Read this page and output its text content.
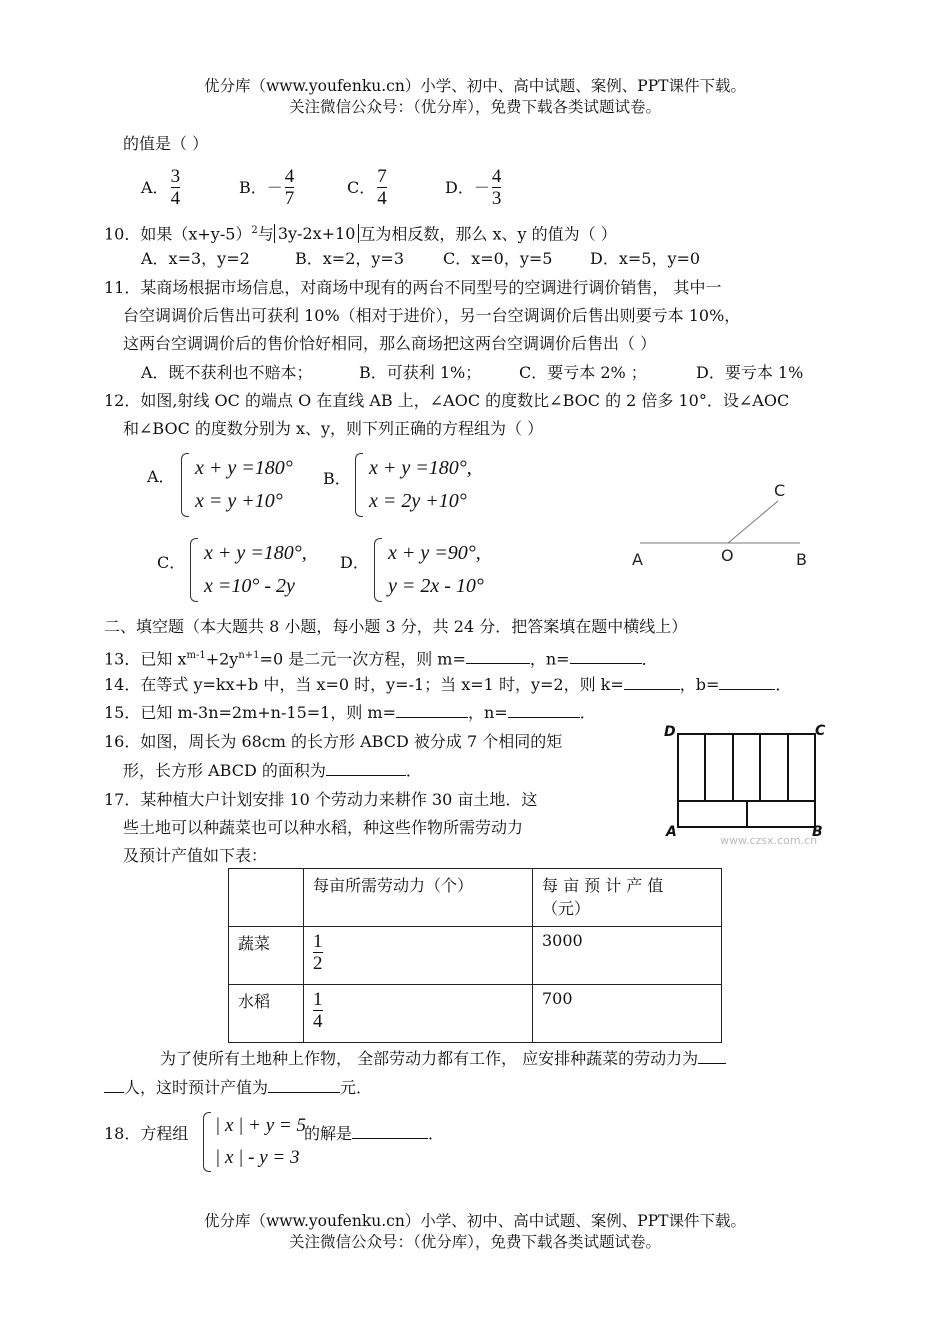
优分库（www.youfenku.cn）小学、初中、高中试题、案例、PPT课件下载。
关注微信公众号：（优分库），免费下载各类试题试卷。
的值是（ ）
A． $\frac{3}{4}$	B． － $\frac{4}{7}$	C． $\frac{7}{4}$	D． － $\frac{4}{3}$
10．如果$(x+y-5)^2$与 3y-2x+10 互为相反数，那么 x、y 的值为（ ）
A．x=3，y=2	B．x=2，y=3 C．x=0，y=5 D．x=5，y=0
11．某商场根据市场信息，对商场中现有的两台不同型号的空调进行调价销售， 其中一
台空调调价后售出可获利 10%（相对于进价），另一台空调调价后售出则要亏本 10%，
这两台空调调价后的售价恰好相同，那么商场把这两台空调调价后售出（ ）
A．既不获利也不赔本；	B．可获利 1%； C．要亏本 2% ；	D．要亏本 1%
12．如图,射线 OC 的端点 O 在直线 AB 上，∠AOC 的度数比∠BOC 的 2 倍多 10°．设∠AOC
和∠BOC 的度数分别为 x、y，则下列正确的方程组为（ ）
A． x + y =180°
x = y +10°
B． x + y =180°,
x = 2y +10°
C． x + y =180°,
x =10° - 2y
D． x + y =90°,
y = 2x - 10°
C
A	O	B
二、填空题（本大题共 8 小题，每小题 3 分，共 24 分．把答案填在题中横线上）
13．已知 $x^{m-1}+2y^{n+1}=0$ 是二元一次方程，则 m=	，n=	．
14．在等式 y=kx+b 中，当 x=0 时，y=-1；当 x=1 时，y=2，则 k=	，b=	．
15．已知 m-3n=2m+n-15=1，则 m=	，n=	．
16．如图，周长为 68cm 的长方形 ABCD 被分成 7 个相同的矩
形，长方形 ABCD 的面积为	．
D	C
A	B
www.czsx.com.cn
17．某种植大户计划安排 10 个劳动力来耕作 30 亩土地．这
些土地可以种蔬菜也可以种水稻，种这些作物所需劳动力
及预计产值如下表：
	每亩所需劳动力（个）	每 亩 预 计 产 值
（元）

蔬菜	$\frac{1}{2}$	3000
水稻	$\frac{1}{4}$	700
为了使所有土地种上作物， 全部劳动力都有工作， 应安排种蔬菜的劳动力为
人，这时预计产值为	元．
18．方程组 | x | + y = 5
| x | - y = 3
的解是	．
优分库（www.youfenku.cn）小学、初中、高中试题、案例、PPT课件下载。
关注微信公众号：（优分库），免费下载各类试题试卷。
